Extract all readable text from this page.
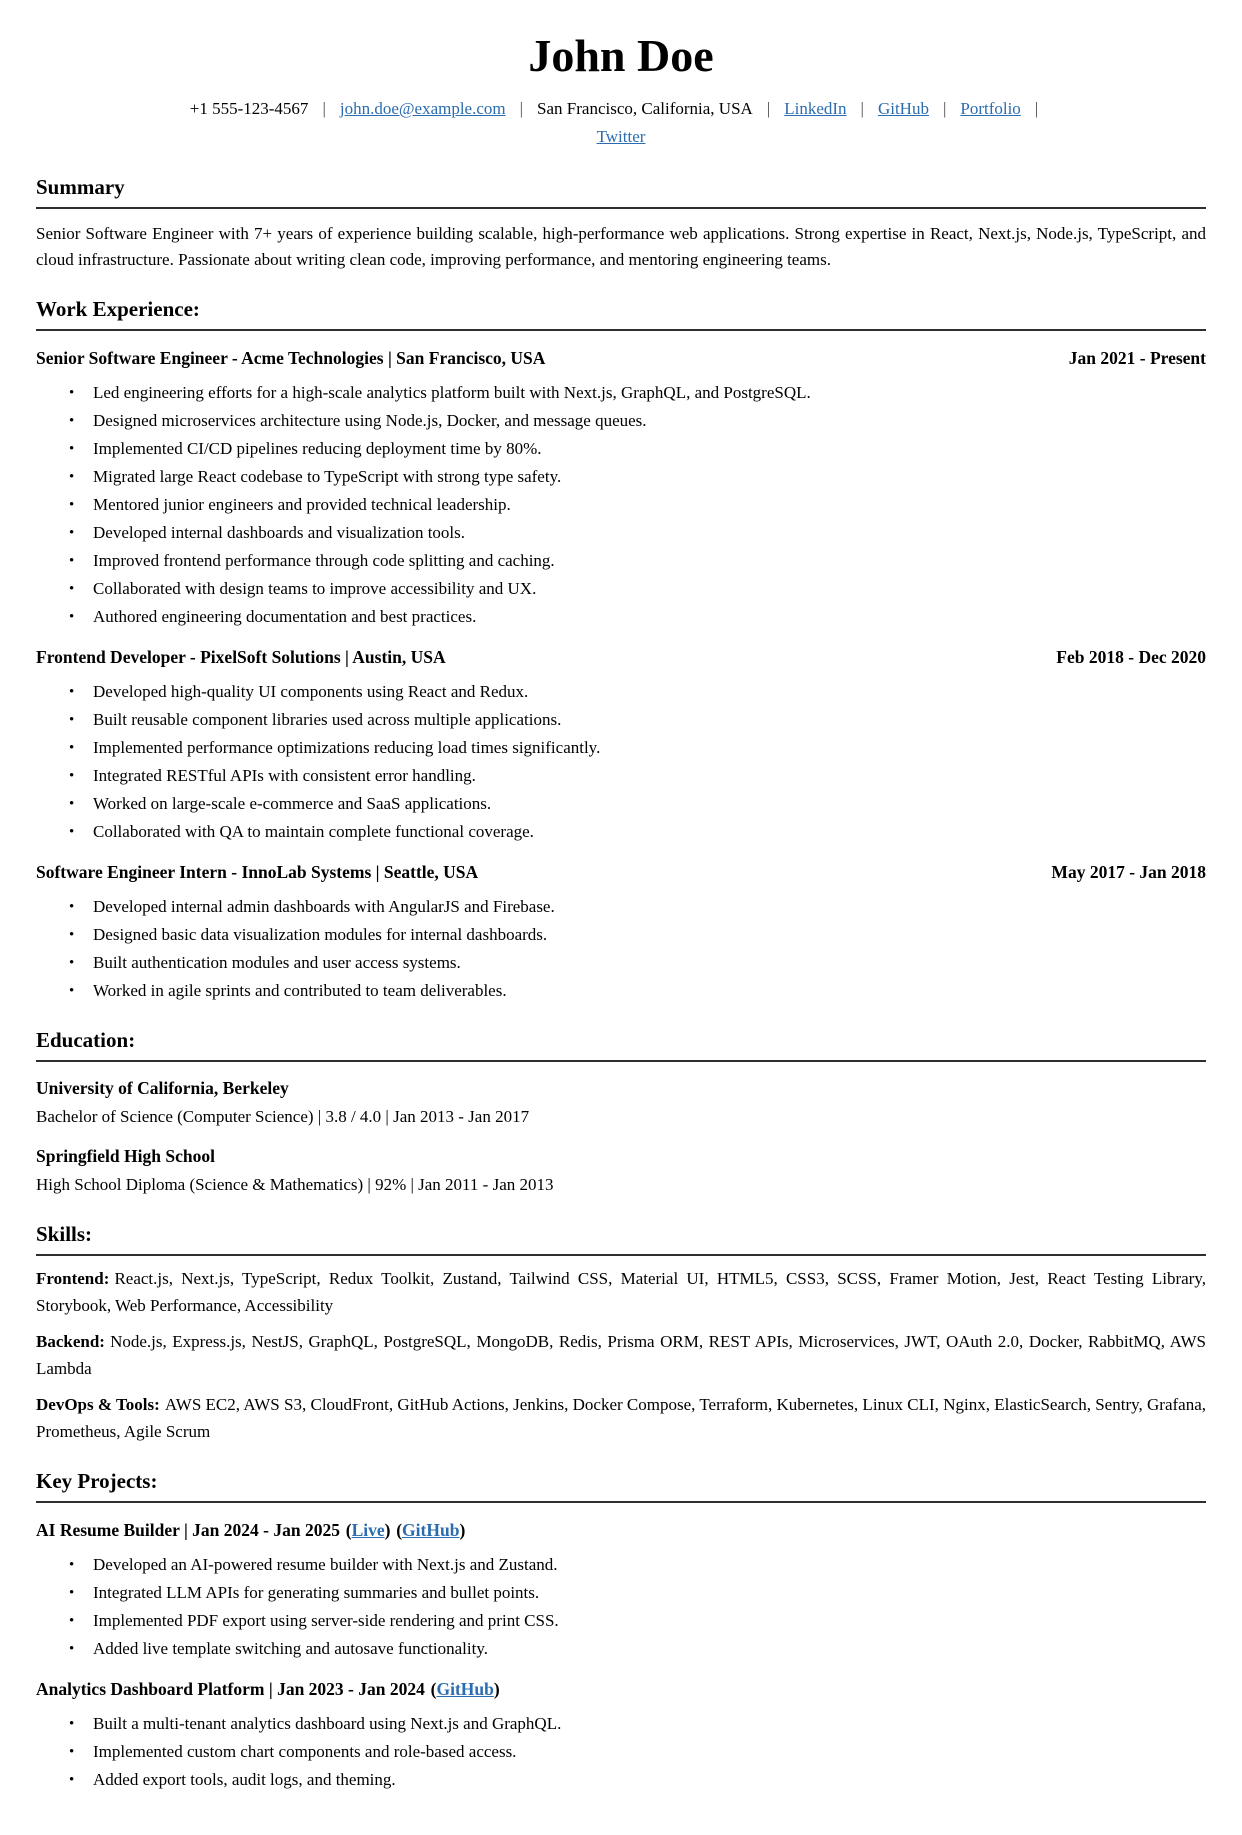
John Doe
+1 555-123-4567 | john.doe@example.com | San Francisco, California, USA | LinkedIn | GitHub | Portfolio |
Twitter
Summary

Senior Software Engineer with 7+ years of experience building scalable, high-performance web applications. Strong expertise in React, Next.js, Node.js, TypeScript, and cloud infrastructure. Passionate about writing clean code, improving performance, and mentoring engineering teams.

Work Experience:
Senior Software Engineer - Acme Technologies | San Francisco, USA	Jan 2021 - Present
• Led engineering efforts for a high-scale analytics platform built with Next.js, GraphQL, and PostgreSQL.
• Designed microservices architecture using Node.js, Docker, and message queues.
• Implemented CI/CD pipelines reducing deployment time by 80%.
• Migrated large React codebase to TypeScript with strong type safety.
• Mentored junior engineers and provided technical leadership.
• Developed internal dashboards and visualization tools.
• Improved frontend performance through code splitting and caching.
• Collaborated with design teams to improve accessibility and UX.
• Authored engineering documentation and best practices.
Frontend Developer - PixelSoft Solutions | Austin, USA	Feb 2018 - Dec 2020
• Developed high-quality UI components using React and Redux.
• Built reusable component libraries used across multiple applications.
• Implemented performance optimizations reducing load times significantly.
• Integrated RESTful APIs with consistent error handling.
• Worked on large-scale e-commerce and SaaS applications.
• Collaborated with QA to maintain complete functional coverage.
Software Engineer Intern - InnoLab Systems | Seattle, USA	May 2017 - Jan 2018
• Developed internal admin dashboards with AngularJS and Firebase.
• Designed basic data visualization modules for internal dashboards.
• Built authentication modules and user access systems.
• Worked in agile sprints and contributed to team deliverables.
Education:
University of California, Berkeley
Bachelor of Science (Computer Science) | 3.8 / 4.0 | Jan 2013 - Jan 2017
Springfield High School
High School Diploma (Science & Mathematics) | 92% | Jan 2011 - Jan 2013
Skills:

Frontend: React.js, Next.js, TypeScript, Redux Toolkit, Zustand, Tailwind CSS, Material UI, HTML5, CSS3, SCSS, Framer Motion, Jest, React Testing Library, Storybook, Web Performance, Accessibility

Backend: Node.js, Express.js, NestJS, GraphQL, PostgreSQL, MongoDB, Redis, Prisma ORM, REST APIs, Microservices, JWT, OAuth 2.0, Docker, RabbitMQ, AWS Lambda

DevOps & Tools: AWS EC2, AWS S3, CloudFront, GitHub Actions, Jenkins, Docker Compose, Terraform, Kubernetes, Linux CLI, Nginx, ElasticSearch, Sentry, Grafana, Prometheus, Agile Scrum

Key Projects:
AI Resume Builder | Jan 2024 - Jan 2025 (Live) (GitHub)
• Developed an AI-powered resume builder with Next.js and Zustand.
• Integrated LLM APIs for generating summaries and bullet points.
• Implemented PDF export using server-side rendering and print CSS.
• Added live template switching and autosave functionality.
Analytics Dashboard Platform | Jan 2023 - Jan 2024 (GitHub)
• Built a multi-tenant analytics dashboard using Next.js and GraphQL.
• Implemented custom chart components and role-based access.
• Added export tools, audit logs, and theming.
